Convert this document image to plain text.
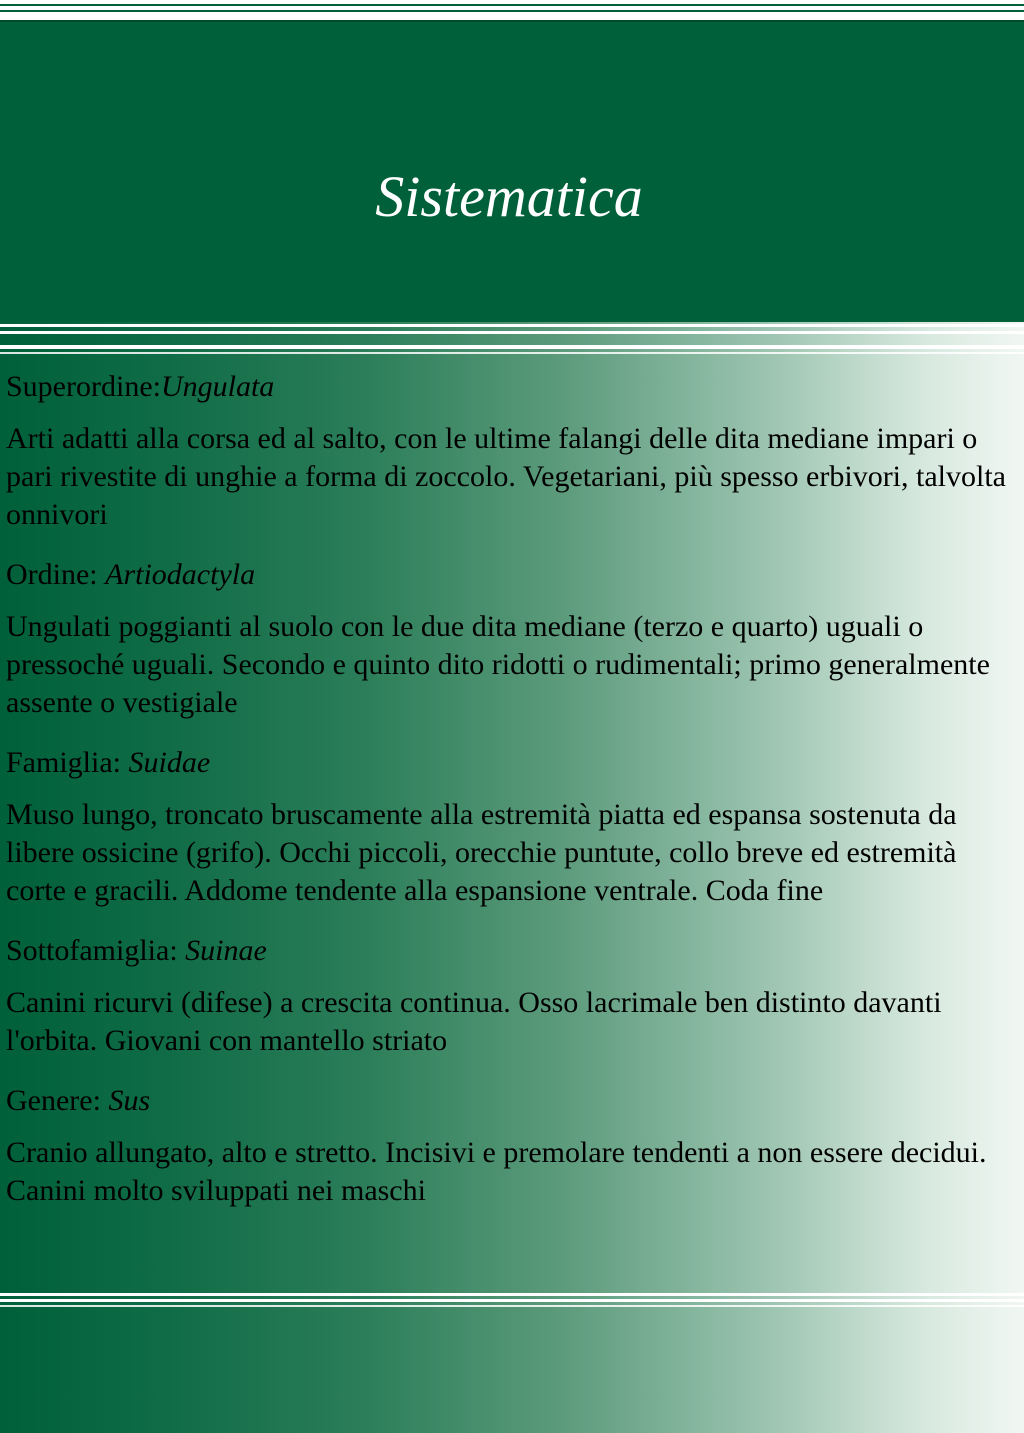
Sistematica

Superordine:Ungulata

Arti adatti alla corsa ed al salto, con le ultime falangi delle dita mediane impari o pari rivestite di unghie a forma di zoccolo. Vegetariani, più spesso erbivori, talvolta onnivori

Ordine: Artiodactyla

Ungulati poggianti al suolo con le due dita mediane (terzo e quarto) uguali o pressoché uguali. Secondo e quinto dito ridotti o rudimentali; primo generalmente assente o vestigiale

Famiglia: Suidae

Muso lungo, troncato bruscamente alla estremità piatta ed espansa sostenuta da libere ossicine (grifo). Occhi piccoli, orecchie puntute, collo breve ed estremità corte e gracili. Addome tendente alla espansione ventrale. Coda fine

Sottofamiglia: Suinae

Canini ricurvi (difese) a crescita continua. Osso lacrimale ben distinto davanti l'orbita. Giovani con mantello striato

Genere: Sus

Cranio allungato, alto e stretto. Incisivi e premolare tendenti a non essere decidui. Canini molto sviluppati nei maschi
